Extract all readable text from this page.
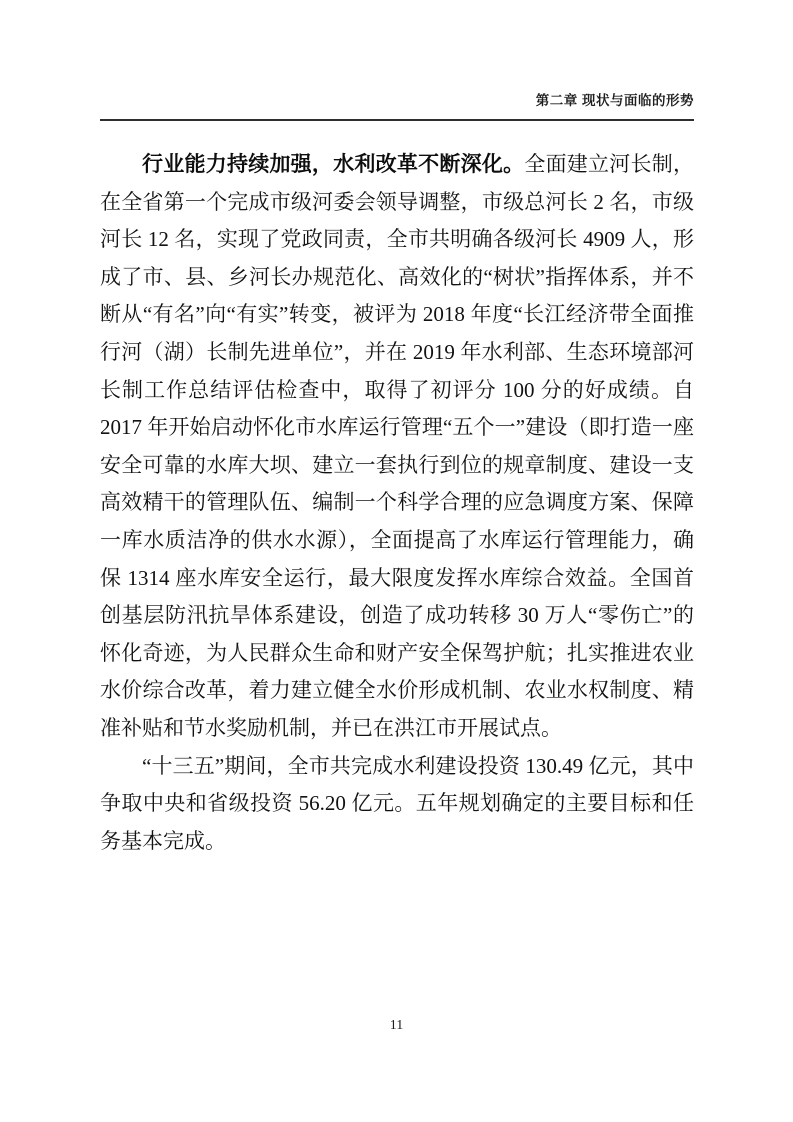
第二章 现状与面临的形势

行业能力持续加强，水利改革不断深化。全面建立河长制，在全省第一个完成市级河委会领导调整，市级总河长 2 名，市级河长 12 名，实现了党政同责，全市共明确各级河长 4909 人，形成了市、县、乡河长办规范化、高效化的“树状”指挥体系，并不断从“有名”向“有实”转变，被评为 2018 年度“长江经济带全面推行河（湖）长制先进单位”，并在 2019 年水利部、生态环境部河长制工作总结评估检查中，取得了初评分 100 分的好成绩。自 2017 年开始启动怀化市水库运行管理“五个一”建设（即打造一座安全可靠的水库大坝、建立一套执行到位的规章制度、建设一支高效精干的管理队伍、编制一个科学合理的应急调度方案、保障一库水质洁净的供水水源），全面提高了水库运行管理能力，确保 1314 座水库安全运行，最大限度发挥水库综合效益。全国首创基层防汛抗旱体系建设，创造了成功转移 30 万人“零伤亡”的怀化奇迹，为人民群众生命和财产安全保驾护航；扎实推进农业水价综合改革，着力建立健全水价形成机制、农业水权制度、精准补贴和节水奖励机制，并已在洪江市开展试点。

“十三五”期间，全市共完成水利建设投资 130.49 亿元，其中争取中央和省级投资 56.20 亿元。五年规划确定的主要目标和任务基本完成。

11
